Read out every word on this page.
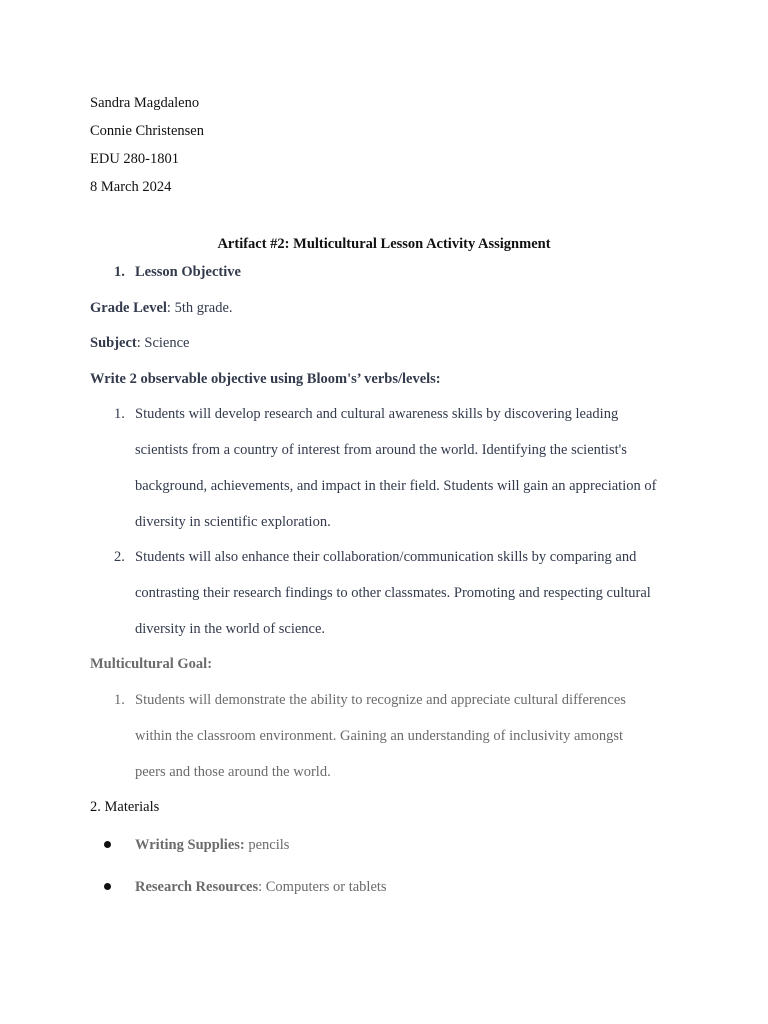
Sandra Magdaleno
Connie Christensen
EDU 280-1801
8 March 2024
Artifact #2: Multicultural Lesson Activity Assignment
1. Lesson Objective
Grade Level: 5th grade.
Subject: Science
Write 2 observable objective using Bloom's’ verbs/levels:
1. Students will develop research and cultural awareness skills by discovering leading
scientists from a country of interest from around the world. Identifying the scientist's
background, achievements, and impact in their field. Students will gain an appreciation of
diversity in scientific exploration.
2. Students will also enhance their collaboration/communication skills by comparing and
contrasting their research findings to other classmates. Promoting and respecting cultural
diversity in the world of science.
Multicultural Goal:
1. Students will demonstrate the ability to recognize and appreciate cultural differences
within the classroom environment. Gaining an understanding of inclusivity amongst
peers and those around the world.
2. Materials
Writing Supplies: pencils
Research Resources: Computers or tablets
